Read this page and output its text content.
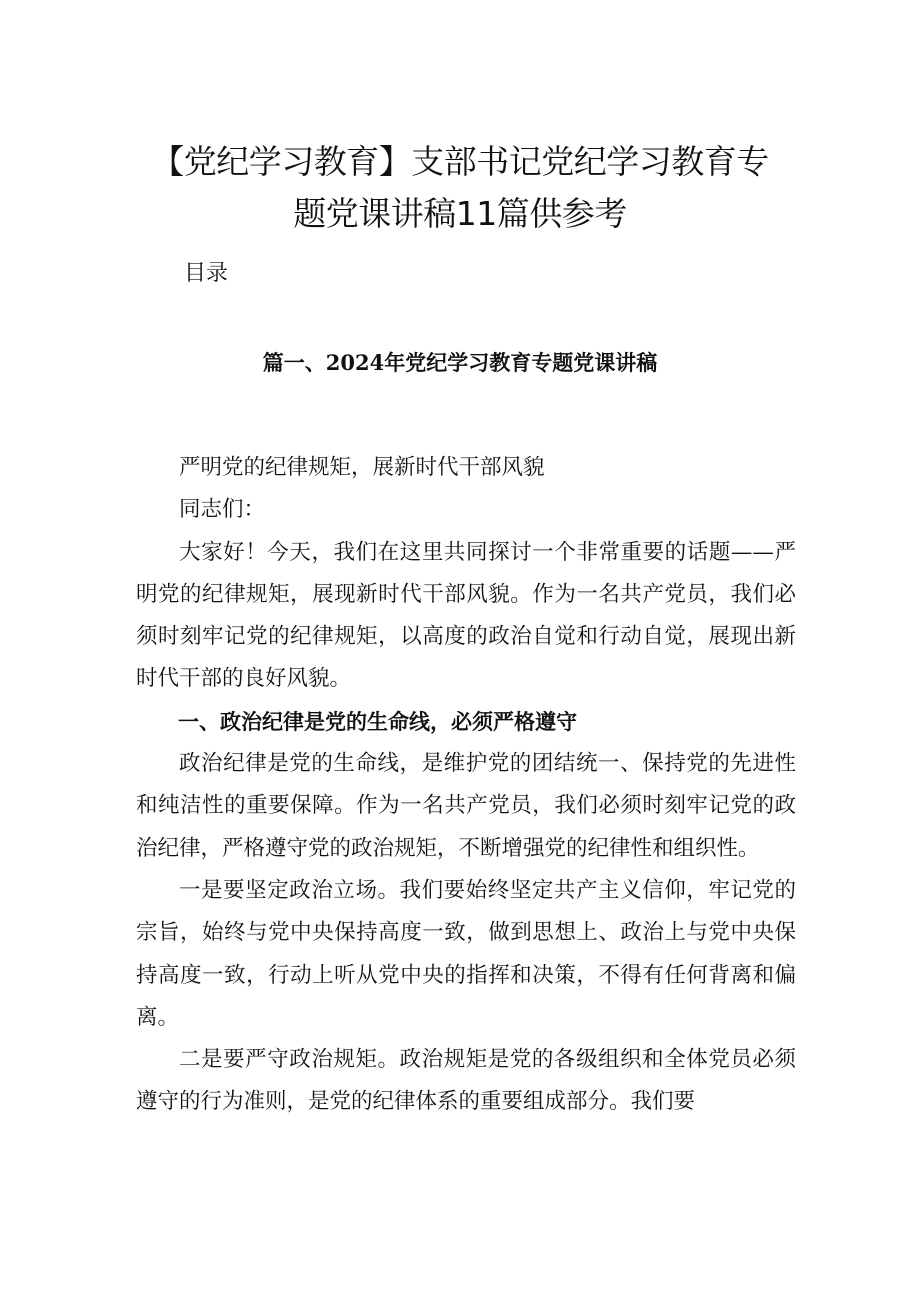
【党纪学习教育】支部书记党纪学习教育专
题党课讲稿11篇供参考
目录
篇一、2024年党纪学习教育专题党课讲稿

严明党的纪律规矩，展新时代干部风貌

同志们：

大家好！今天，我们在这里共同探讨一个非常重要的话题——严明党的纪律规矩，展现新时代干部风貌。作为一名共产党员，我们必须时刻牢记党的纪律规矩，以高度的政治自觉和行动自觉，展现出新时代干部的良好风貌。

一、政治纪律是党的生命线，必须严格遵守

政治纪律是党的生命线，是维护党的团结统一、保持党的先进性和纯洁性的重要保障。作为一名共产党员，我们必须时刻牢记党的政治纪律，严格遵守党的政治规矩，不断增强党的纪律性和组织性。

一是要坚定政治立场。我们要始终坚定共产主义信仰，牢记党的宗旨，始终与党中央保持高度一致，做到思想上、政治上与党中央保持高度一致，行动上听从党中央的指挥和决策，不得有任何背离和偏离。

二是要严守政治规矩。政治规矩是党的各级组织和全体党员必须遵守的行为准则，是党的纪律体系的重要组成部分。我们要
